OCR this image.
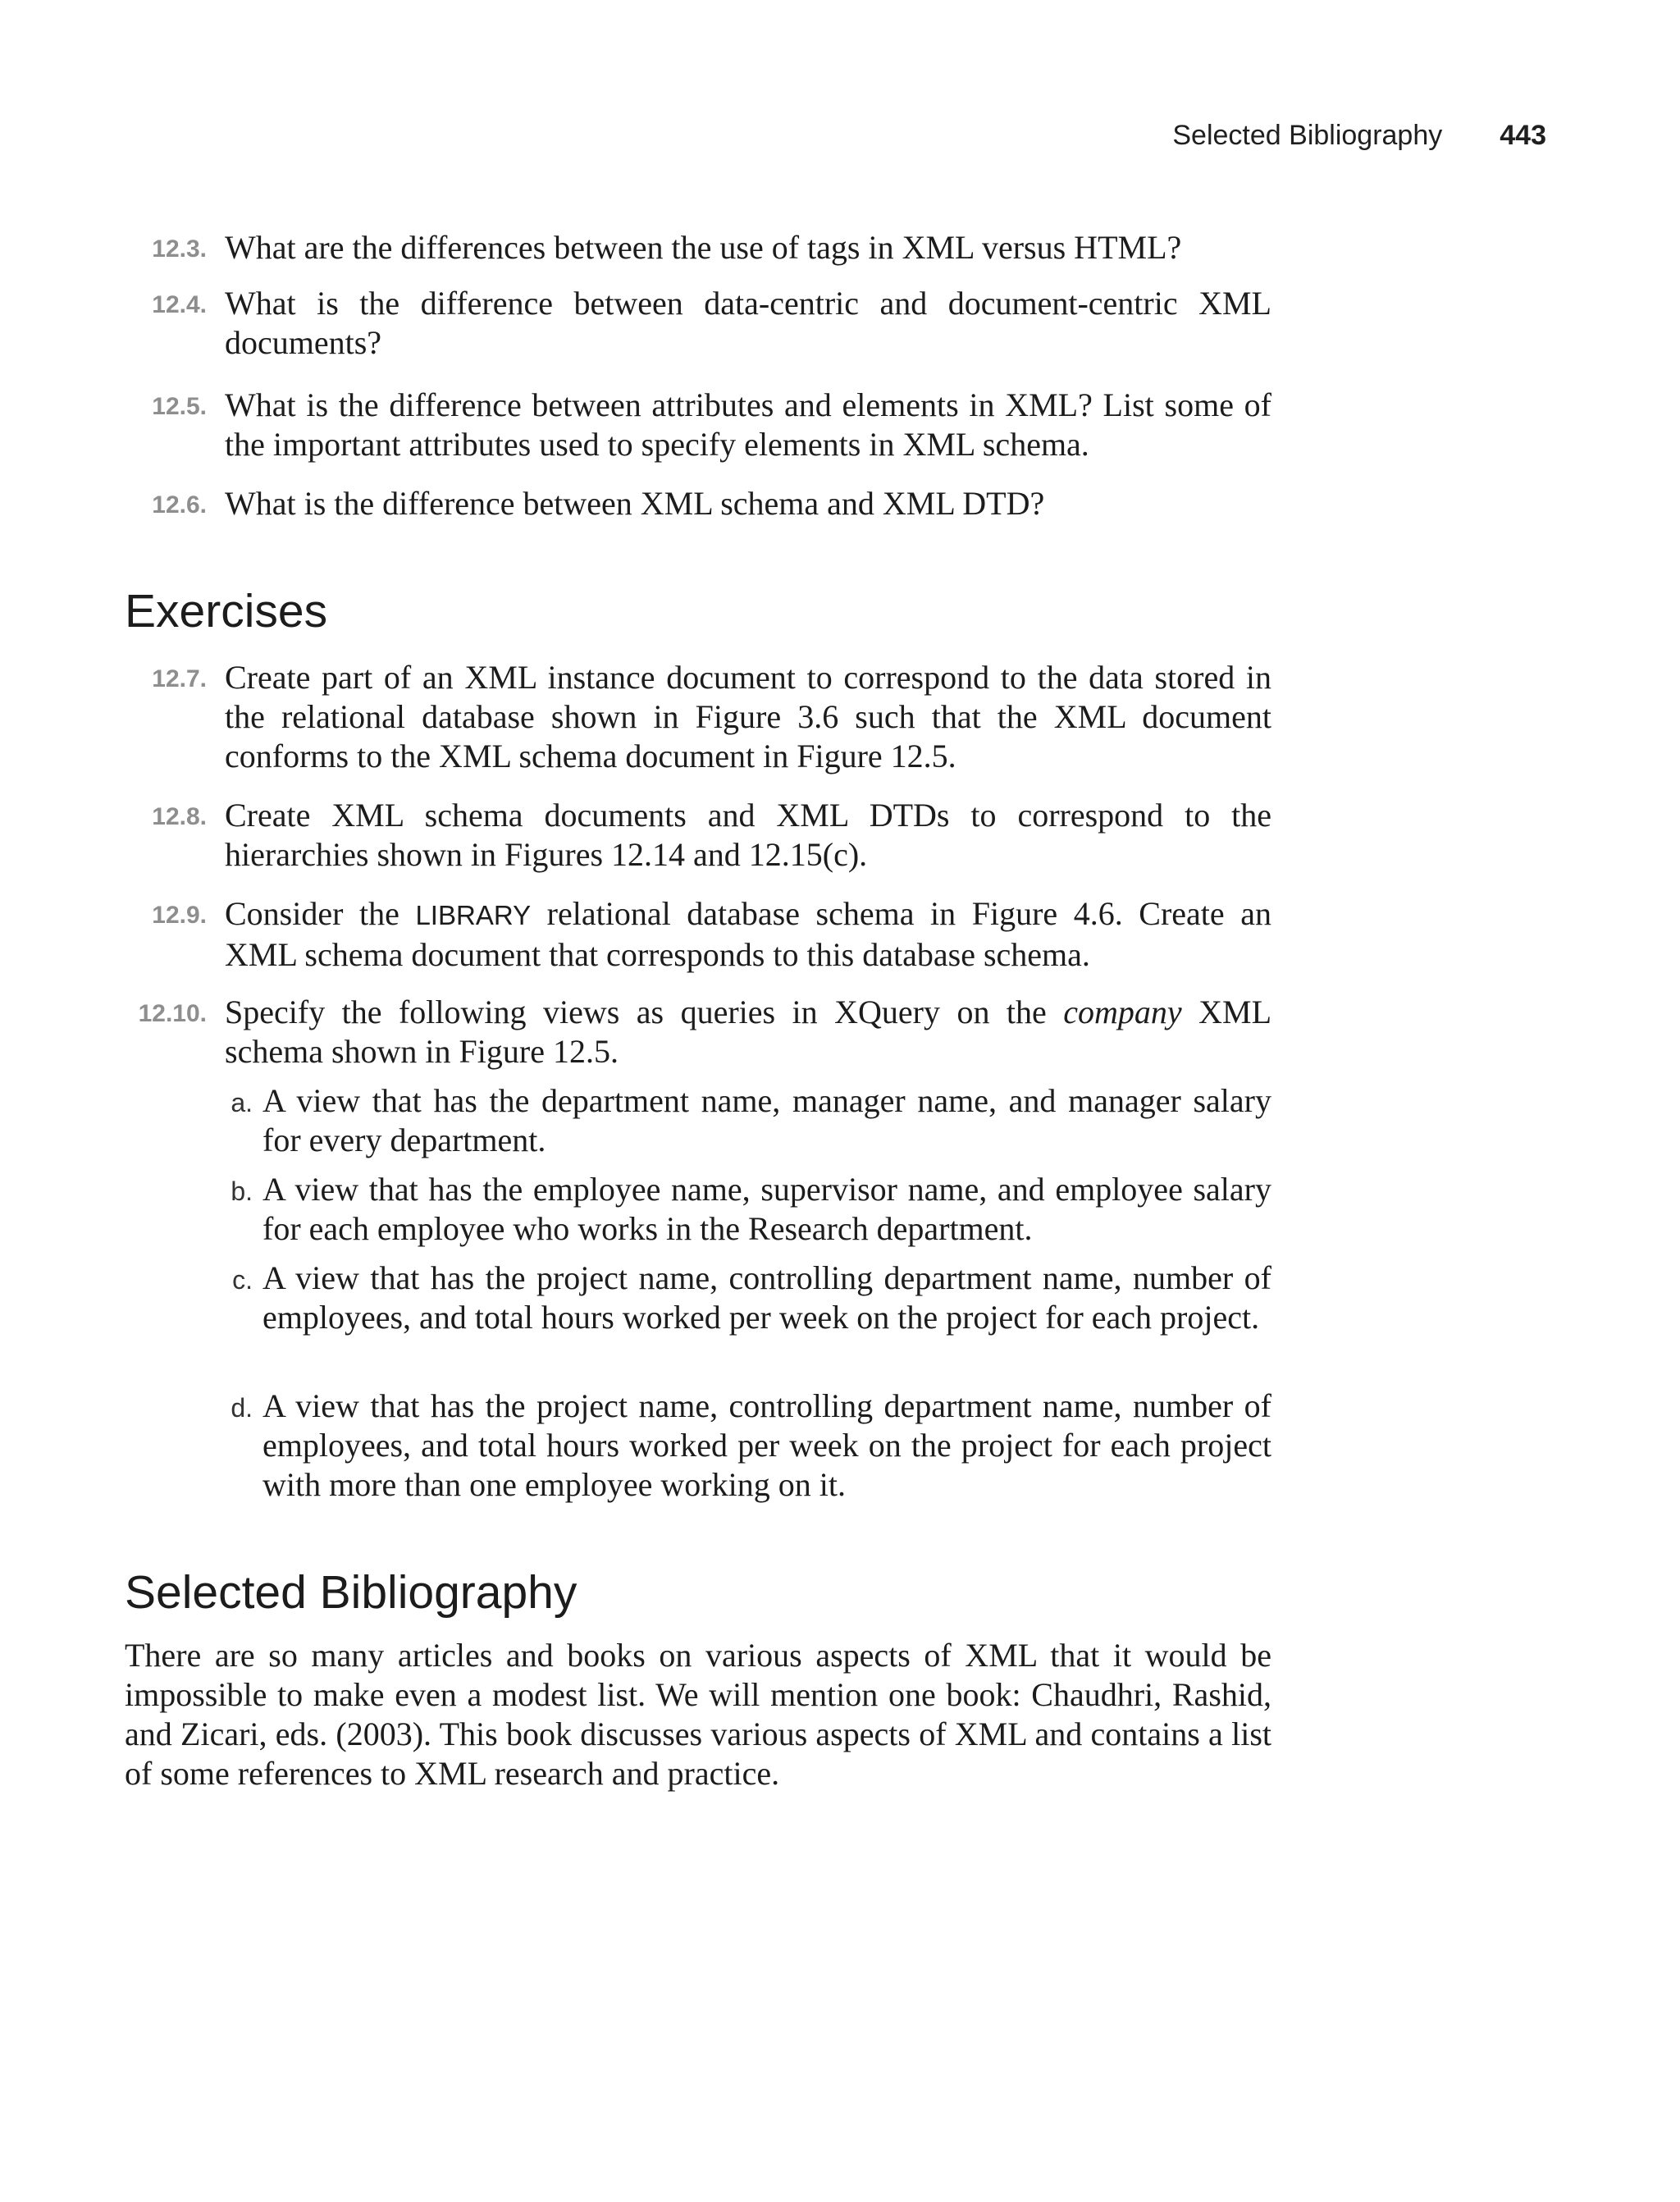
Selected Bibliography 443
12.3. What are the differences between the use of tags in XML versus HTML?

12.4. What is the difference between data-centric and document-centric XML documents?

12.5. What is the difference between attributes and elements in XML? List some of the important attributes used to specify elements in XML schema.

12.6. What is the difference between XML schema and XML DTD?

Exercises
12.7. Create part of an XML instance document to correspond to the data stored in the relational database shown in Figure 3.6 such that the XML document conforms to the XML schema document in Figure 12.5.

12.8. Create XML schema documents and XML DTDs to correspond to the hierarchies shown in Figures 12.14 and 12.15(c).

12.9. Consider the LIBRARY relational database schema in Figure 4.6. Create an XML schema document that corresponds to this database schema.

12.10. Specify the following views as queries in XQuery on the company XML schema shown in Figure 12.5.

a. A view that has the department name, manager name, and manager salary for every department.

b. A view that has the employee name, supervisor name, and employee salary for each employee who works in the Research department.

c. A view that has the project name, controlling department name, number of employees, and total hours worked per week on the project for each project.

d. A view that has the project name, controlling department name, number of employees, and total hours worked per week on the project for each project with more than one employee working on it.

Selected Bibliography

There are so many articles and books on various aspects of XML that it would be impossible to make even a modest list. We will mention one book: Chaudhri, Rashid, and Zicari, eds. (2003). This book discusses various aspects of XML and contains a list of some references to XML research and practice.
